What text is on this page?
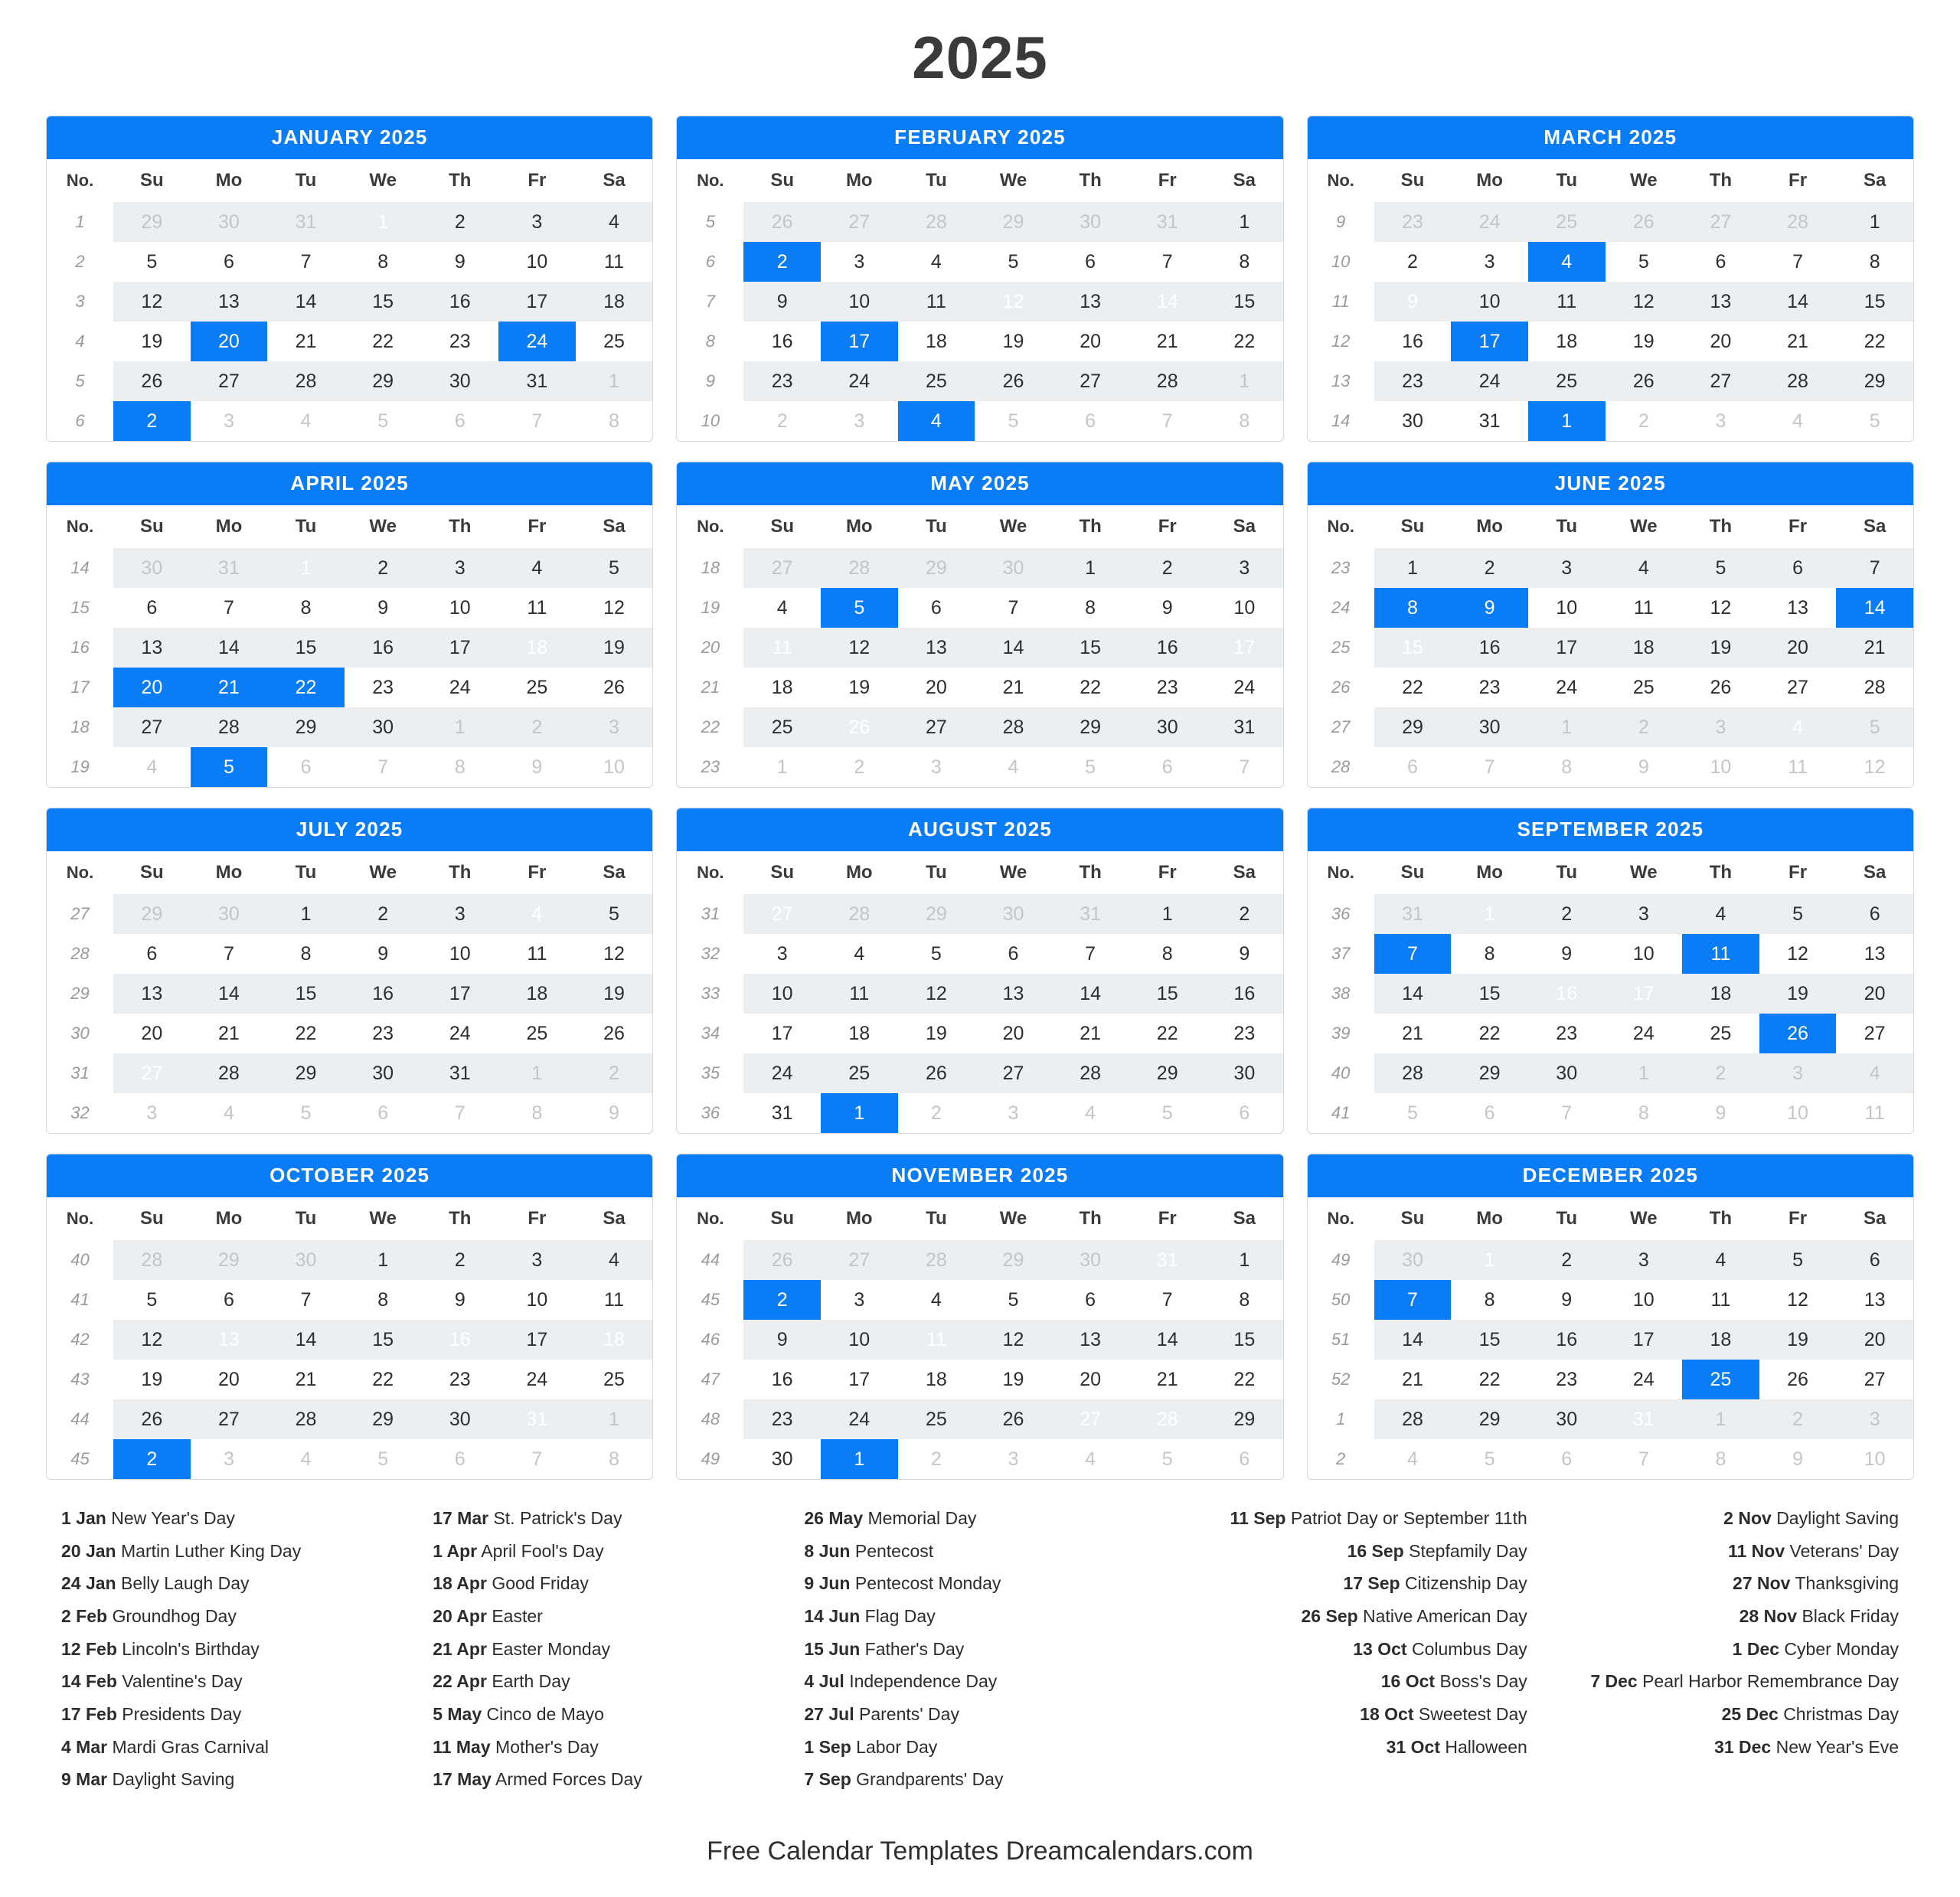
2025
JANUARY 2025
No.	Su	Mo	Tu	We	Th	Fr	Sa
1	29	30	31	1	2	3	4

2	5	6	7	8	9	10	11

3	12	13	14	15	16	17	18

4	19	20	21	22	23	24	25

5	26	27	28	29	30	31	1

6	2	3	4	5	6	7	8
FEBRUARY 2025
No.	Su	Mo	Tu	We	Th	Fr	Sa
5	26	27	28	29	30	31	1

6	2	3	4	5	6	7	8

7	9	10	11	12	13	14	15

8	16	17	18	19	20	21	22

9	23	24	25	26	27	28	1

10	2	3	4	5	6	7	8
MARCH 2025
No.	Su	Mo	Tu	We	Th	Fr	Sa
9	23	24	25	26	27	28	1

10	2	3	4	5	6	7	8

11	9	10	11	12	13	14	15

12	16	17	18	19	20	21	22

13	23	24	25	26	27	28	29

14	30	31	1	2	3	4	5
APRIL 2025
No.	Su	Mo	Tu	We	Th	Fr	Sa
14	30	31	1	2	3	4	5

15	6	7	8	9	10	11	12

16	13	14	15	16	17	18	19

17	20	21	22	23	24	25	26

18	27	28	29	30	1	2	3

19	4	5	6	7	8	9	10
MAY 2025
No.	Su	Mo	Tu	We	Th	Fr	Sa
18	27	28	29	30	1	2	3

19	4	5	6	7	8	9	10

20	11	12	13	14	15	16	17

21	18	19	20	21	22	23	24

22	25	26	27	28	29	30	31

23	1	2	3	4	5	6	7
JUNE 2025
No.	Su	Mo	Tu	We	Th	Fr	Sa
23	1	2	3	4	5	6	7

24	8	9	10	11	12	13	14

25	15	16	17	18	19	20	21

26	22	23	24	25	26	27	28

27	29	30	1	2	3	4	5

28	6	7	8	9	10	11	12
JULY 2025
No.	Su	Mo	Tu	We	Th	Fr	Sa
27	29	30	1	2	3	4	5

28	6	7	8	9	10	11	12

29	13	14	15	16	17	18	19

30	20	21	22	23	24	25	26

31	27	28	29	30	31	1	2

32	3	4	5	6	7	8	9
AUGUST 2025
No.	Su	Mo	Tu	We	Th	Fr	Sa
31	27	28	29	30	31	1	2

32	3	4	5	6	7	8	9

33	10	11	12	13	14	15	16

34	17	18	19	20	21	22	23

35	24	25	26	27	28	29	30

36	31	1	2	3	4	5	6
SEPTEMBER 2025
No.	Su	Mo	Tu	We	Th	Fr	Sa
36	31	1	2	3	4	5	6

37	7	8	9	10	11	12	13

38	14	15	16	17	18	19	20

39	21	22	23	24	25	26	27

40	28	29	30	1	2	3	4

41	5	6	7	8	9	10	11
OCTOBER 2025
No.	Su	Mo	Tu	We	Th	Fr	Sa
40	28	29	30	1	2	3	4

41	5	6	7	8	9	10	11

42	12	13	14	15	16	17	18

43	19	20	21	22	23	24	25

44	26	27	28	29	30	31	1

45	2	3	4	5	6	7	8
NOVEMBER 2025
No.	Su	Mo	Tu	We	Th	Fr	Sa
44	26	27	28	29	30	31	1

45	2	3	4	5	6	7	8

46	9	10	11	12	13	14	15

47	16	17	18	19	20	21	22

48	23	24	25	26	27	28	29

49	30	1	2	3	4	5	6
DECEMBER 2025
No.	Su	Mo	Tu	We	Th	Fr	Sa
49	30	1	2	3	4	5	6

50	7	8	9	10	11	12	13

51	14	15	16	17	18	19	20

52	21	22	23	24	25	26	27

1	28	29	30	31	1	2	3

2	4	5	6	7	8	9	10
1 Jan New Year's Day
20 Jan Martin Luther King Day
24 Jan Belly Laugh Day
2 Feb Groundhog Day
12 Feb Lincoln's Birthday
14 Feb Valentine's Day
17 Feb Presidents Day
4 Mar Mardi Gras Carnival
9 Mar Daylight Saving
17 Mar St. Patrick's Day
1 Apr April Fool's Day
18 Apr Good Friday
20 Apr Easter
21 Apr Easter Monday
22 Apr Earth Day
5 May Cinco de Mayo
11 May Mother's Day
17 May Armed Forces Day
26 May Memorial Day
8 Jun Pentecost
9 Jun Pentecost Monday
14 Jun Flag Day
15 Jun Father's Day
4 Jul Independence Day
27 Jul Parents' Day
1 Sep Labor Day
7 Sep Grandparents' Day
11 Sep Patriot Day or September 11th
16 Sep Stepfamily Day
17 Sep Citizenship Day
26 Sep Native American Day
13 Oct Columbus Day
16 Oct Boss's Day
18 Oct Sweetest Day
31 Oct Halloween
2 Nov Daylight Saving
11 Nov Veterans' Day
27 Nov Thanksgiving
28 Nov Black Friday
1 Dec Cyber Monday
7 Dec Pearl Harbor Remembrance Day
25 Dec Christmas Day
31 Dec New Year's Eve
Free Calendar Templates Dreamcalendars.com
